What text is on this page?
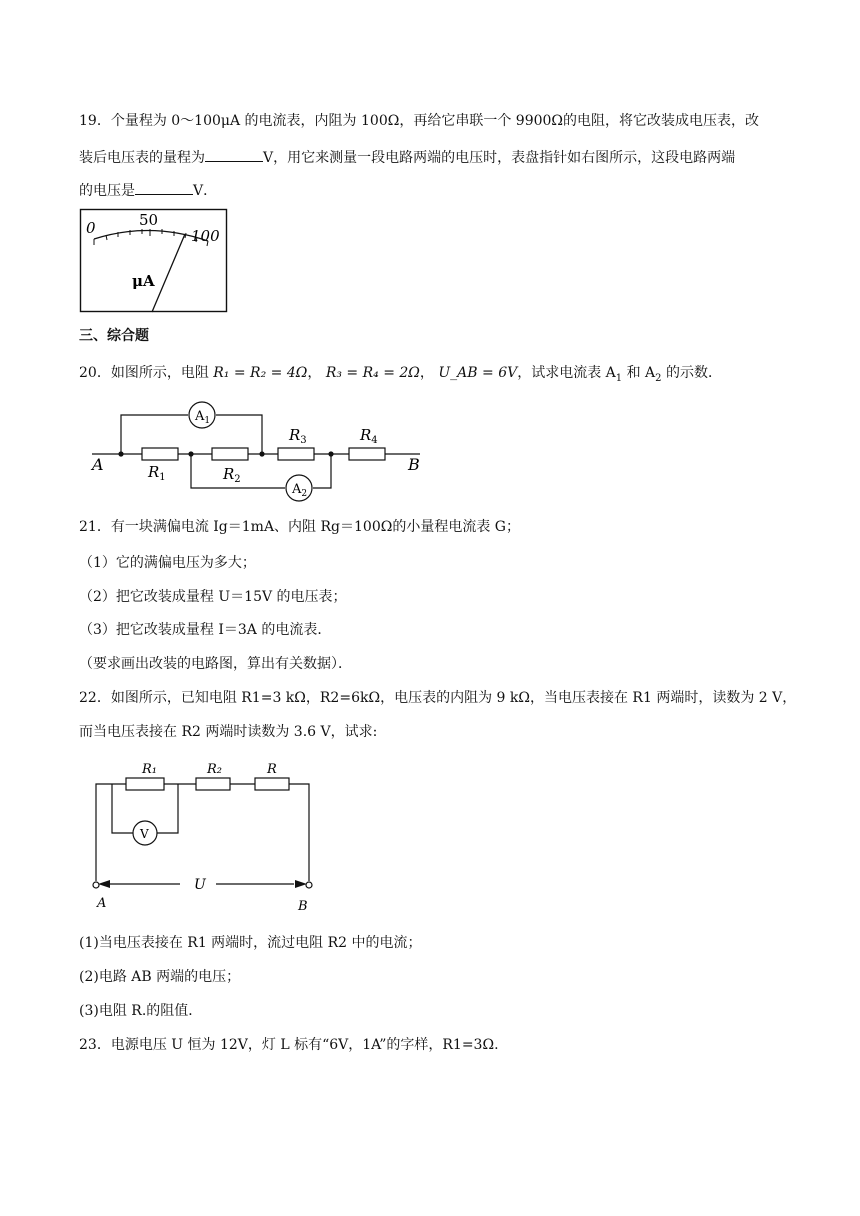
19．个量程为 0～100μA 的电流表，内阻为 100Ω，再给它串联一个 9900Ω的电阻，将它改装成电压表，改
装后电压表的量程为	V，用它来测量一段电路两端的电压时，表盘指针如右图所示，这段电路两端
的电压是	V．
0	50
100
μA
三、综合题
20．如图所示，电阻 R₁ = R₂ = 4Ω， R₃ = R₄ = 2Ω， U_AB = 6V，试求电流表 $A_1$ 和 $A_2$ 的示数．
$A_1$
$A_2$
A	B
$R_1$	$R_2$
$R_3$	$R_4$
21．有一块满偏电流 Ig＝1mA、内阻 Rg＝100Ω的小量程电流表 G；
（1）它的满偏电压为多大；
（2）把它改装成量程 U＝15V 的电压表；
（3）把它改装成量程 I＝3A 的电流表．
（要求画出改装的电路图，算出有关数据）．
22．如图所示，已知电阻 R1=3 kΩ，R2=6kΩ，电压表的内阻为 9 kΩ，当电压表接在 R1 两端时，读数为 2 V，
而当电压表接在 R2 两端时读数为 3.6 V，试求:
V
R₁	R₂	R
U
A	B
(1)当电压表接在 R1 两端时，流过电阻 R2 中的电流；
(2)电路 AB 两端的电压；
(3)电阻 R.的阻值．
23．电源电压 U 恒为 12V，灯 L 标有“6V，1A”的字样，R1=3Ω.
